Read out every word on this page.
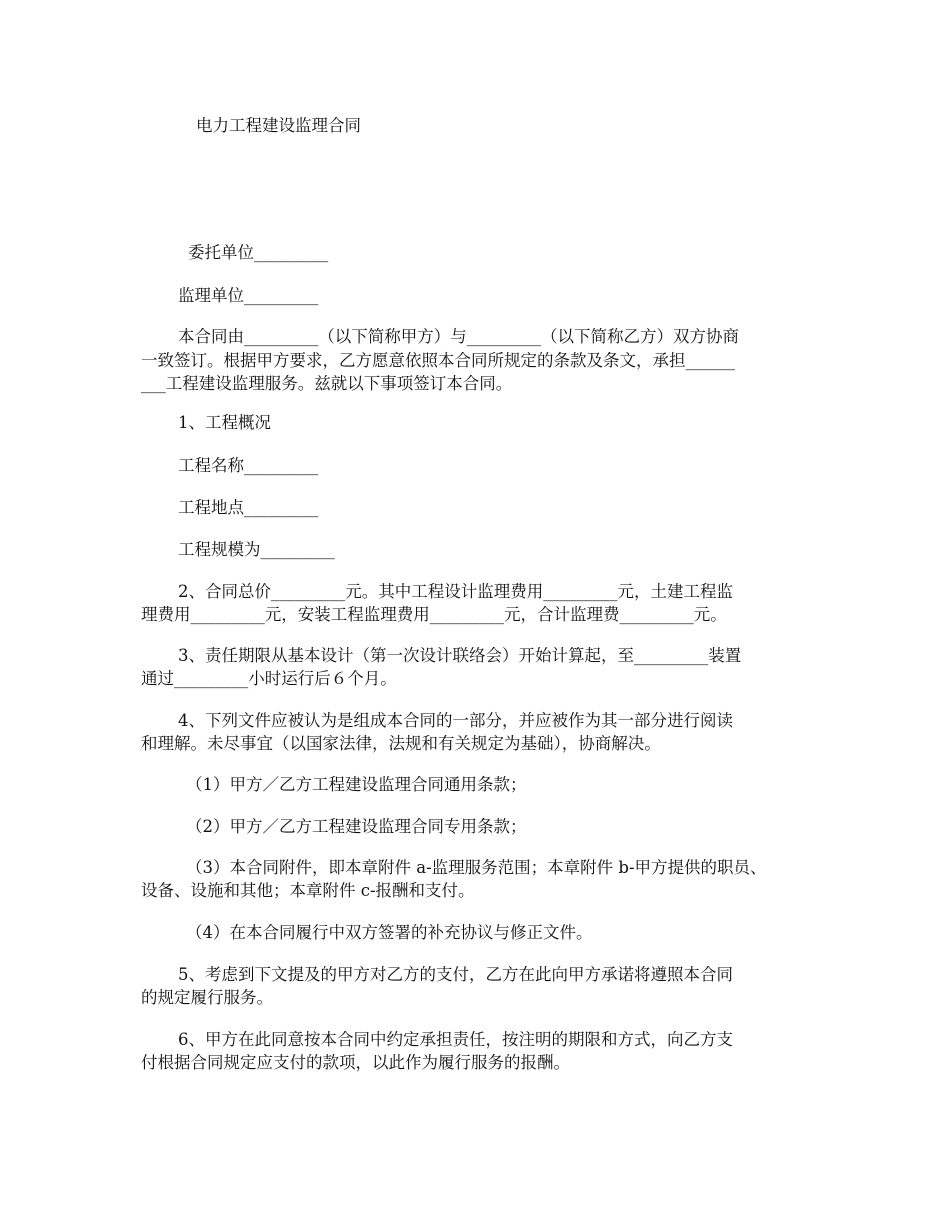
电力工程建设监理合同
委托单位_________
监理单位_________
本合同由_________（以下简称甲方）与_________（以下简称乙方）双方协商
一致签订。根据甲方要求，乙方愿意依照本合同所规定的条款及条文，承担______
___工程建设监理服务。兹就以下事项签订本合同。
1、工程概况
工程名称_________
工程地点_________
工程规模为_________
2、合同总价_________元。其中工程设计监理费用_________元，土建工程监
理费用_________元，安装工程监理费用_________元，合计监理费_________元。
3、责任期限从基本设计（第一次设计联络会）开始计算起，至_________装置
通过_________小时运行后６个月。
4、下列文件应被认为是组成本合同的一部分，并应被作为其一部分进行阅读
和理解。未尽事宜（以国家法律，法规和有关规定为基础），协商解决。
（1）甲方／乙方工程建设监理合同通用条款；
（2）甲方／乙方工程建设监理合同专用条款；
（3）本合同附件，即本章附件 a-监理服务范围；本章附件 b-甲方提供的职员、
设备、设施和其他；本章附件 c-报酬和支付。
（4）在本合同履行中双方签署的补充协议与修正文件。
5、考虑到下文提及的甲方对乙方的支付，乙方在此向甲方承诺将遵照本合同
的规定履行服务。
6、甲方在此同意按本合同中约定承担责任，按注明的期限和方式，向乙方支
付根据合同规定应支付的款项，以此作为履行服务的报酬。
